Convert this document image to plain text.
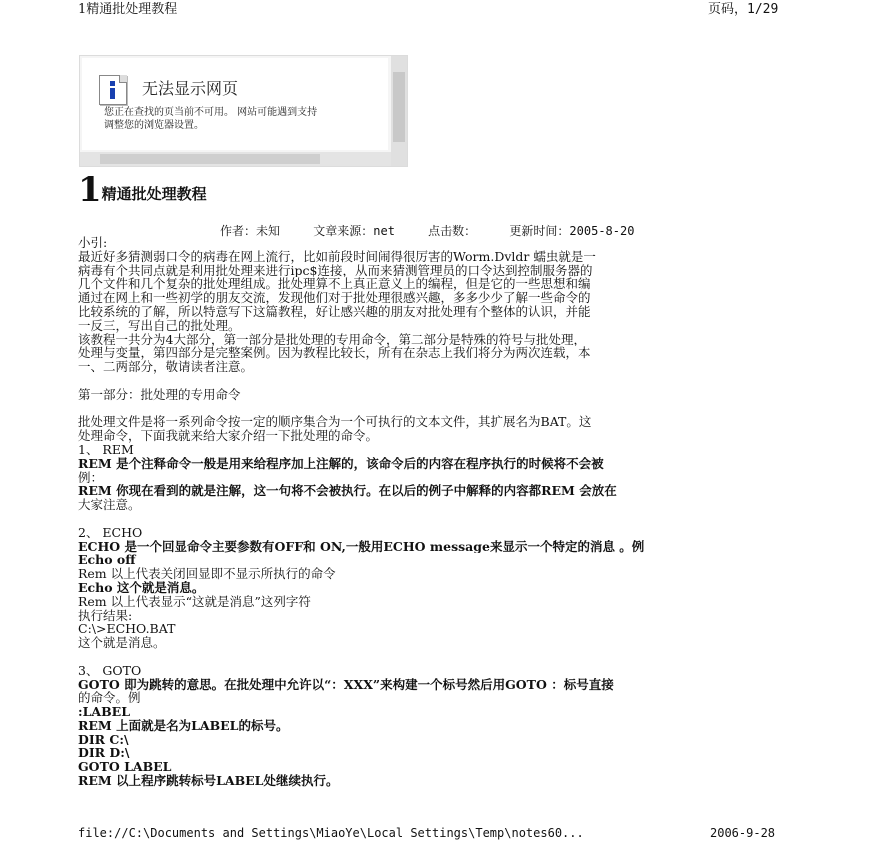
1精通批处理教程	页码，1/29
无法显示网页
您正在查找的页当前不可用。 网站可能遇到支持
调整您的浏览器设置。
1精通批处理教程
作者：未知	文章来源：net	点击数：	更新时间：2005-8-20
小引:
最近好多猜测弱口令的病毒在网上流行，比如前段时间闹得很厉害的Worm.Dvldr 蠕虫就是一
病毒有个共同点就是利用批处理来进行ipc$连接，从而来猜测管理员的口令达到控制服务器的
几个文件和几个复杂的批处理组成。批处理算不上真正意义上的编程，但是它的一些思想和编
通过在网上和一些初学的朋友交流，发现他们对于批处理很感兴趣，多多少少了解一些命令的
比较系统的了解，所以特意写下这篇教程，好让感兴趣的朋友对批处理有个整体的认识，并能
一反三，写出自己的批处理。
该教程一共分为4大部分，第一部分是批处理的专用命令，第二部分是特殊的符号与批处理，
处理与变量，第四部分是完整案例。因为教程比较长，所有在杂志上我们将分为两次连载，本
一、二两部分，敬请读者注意。
第一部分：批处理的专用命令
批处理文件是将一系列命令按一定的顺序集合为一个可执行的文本文件，其扩展名为BAT。这
处理命令，下面我就来给大家介绍一下批处理的命令。
1、 REM
REM 是个注释命令一般是用来给程序加上注解的，该命令后的内容在程序执行的时候将不会被
例：
REM 你现在看到的就是注解，这一句将不会被执行。在以后的例子中解释的内容都REM 会放在
大家注意。
2、 ECHO
ECHO 是一个回显命令主要参数有OFF和 ON,一般用ECHO message来显示一个特定的消息 。例
Echo off
Rem 以上代表关闭回显即不显示所执行的命令
Echo 这个就是消息。
Rem 以上代表显示“这就是消息”这列字符
执行结果:
C:\>ECHO.BAT
这个就是消息。
3、 GOTO
GOTO 即为跳转的意思。在批处理中允许以“：XXX”来构建一个标号然后用GOTO ：标号直接
的命令。例
:LABEL
REM 上面就是名为LABEL的标号。
DIR C:\
DIR D:\
GOTO LABEL
REM 以上程序跳转标号LABEL处继续执行。
file://C:\Documents and Settings\MiaoYe\Local Settings\Temp\notes60...	2006-9-28
